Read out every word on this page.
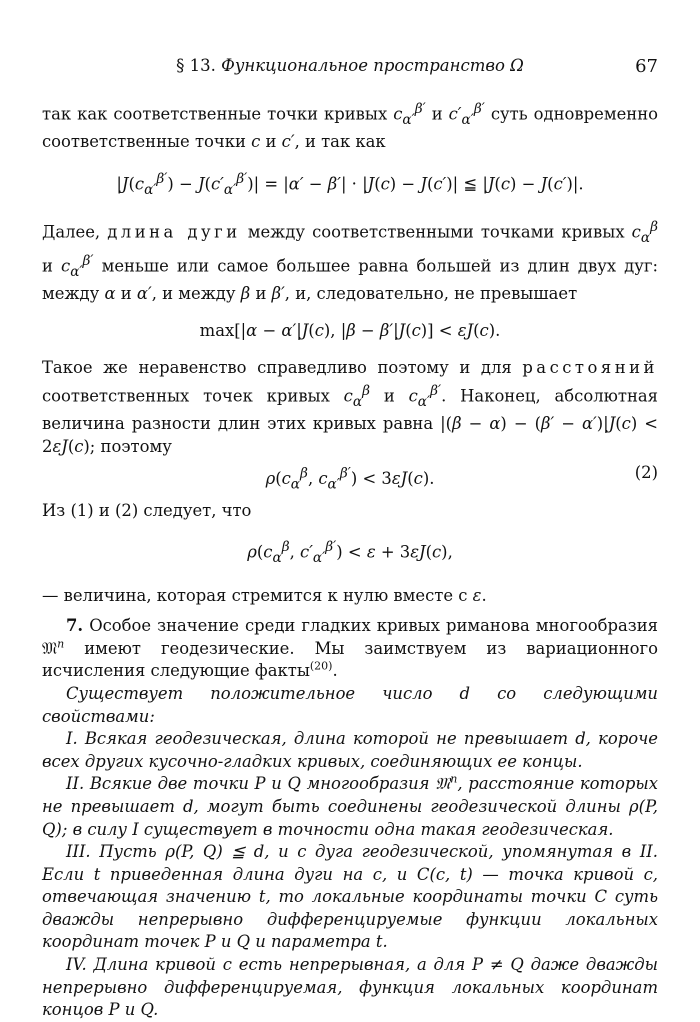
§ 13. Функциональное пространство Ω	67

так как соответственные точки кривых $c_{\alpha'}^{\beta'}$ и $c'_{\alpha'}^{\beta'}$ суть одновременно соответственные точки c и c′, и так как

$|J(c_{\alpha'}^{\beta'}) - J(c'_{\alpha'}^{\beta'})| = |\alpha' - \beta'| \cdot |J(c) - J(c')|$ ≦ |J(c) − J(c′)|.

Далее, длина дуги между соответственными точками кривых $c_\alpha^\beta$ и $c_{\alpha'}^{\beta'}$ меньше или самое большее равна большей из длин двух дуг: между α и α′, и между β и β′, и, следовательно, не превышает

max[|α − α′|J(c), |β − β′|J(c)] < εJ(c).

Такое же неравенство справедливо поэтому и для расстояний соответственных точек кривых $c_\alpha^\beta$ и $c_{\alpha'}^{\beta'}$. Наконец, абсолютная величина разности длин этих кривых равна |(β − α) − (β′ − α′)|J(c) < 2εJ(c); поэтому

$\rho(c_\alpha^\beta$, $c_{\alpha'}^{\beta'}) < 3\varepsilon J(c)$.	(2)

Из (1) и (2) следует, что

$\rho(c_\alpha^\beta$, $c'_{\alpha'}^{\beta'}) < \varepsilon + 3\varepsilon J(c)$,

— величина, которая стремится к нулю вместе с ε.

7. Особое значение среди гладких кривых риманова многообразия 𝔐$^n$ имеют геодезические. Мы заимствуем из вариационного исчисления следующие факты$^{(20)}$.

Существует положительное число d со следующими свойствами:

I. Всякая геодезическая, длина которой не превышает d, короче всех других кусочно-гладких кривых, соединяющих ее концы.

II. Всякие две точки P и Q многообразия 𝔐$^n$, расстояние которых не превышает d, могут быть соединены геодезической длины ρ(P, Q); в силу I существует в точности одна такая геодезическая.

III. Пусть ρ(P, Q) ≦ d, и c дуга геодезической, упомянутая в II. Если t приведенная длина дуги на c, и C(c, t) — точка кривой c, отвечающая значению t, то локальные координаты точки C суть дважды непрерывно дифференцируемые функции локальных координат точек P и Q и параметра t.

IV. Длина кривой c есть непрерывная, а для P ≠ Q даже дважды непрерывно дифференцируемая, функция локальных координат концов P и Q.
